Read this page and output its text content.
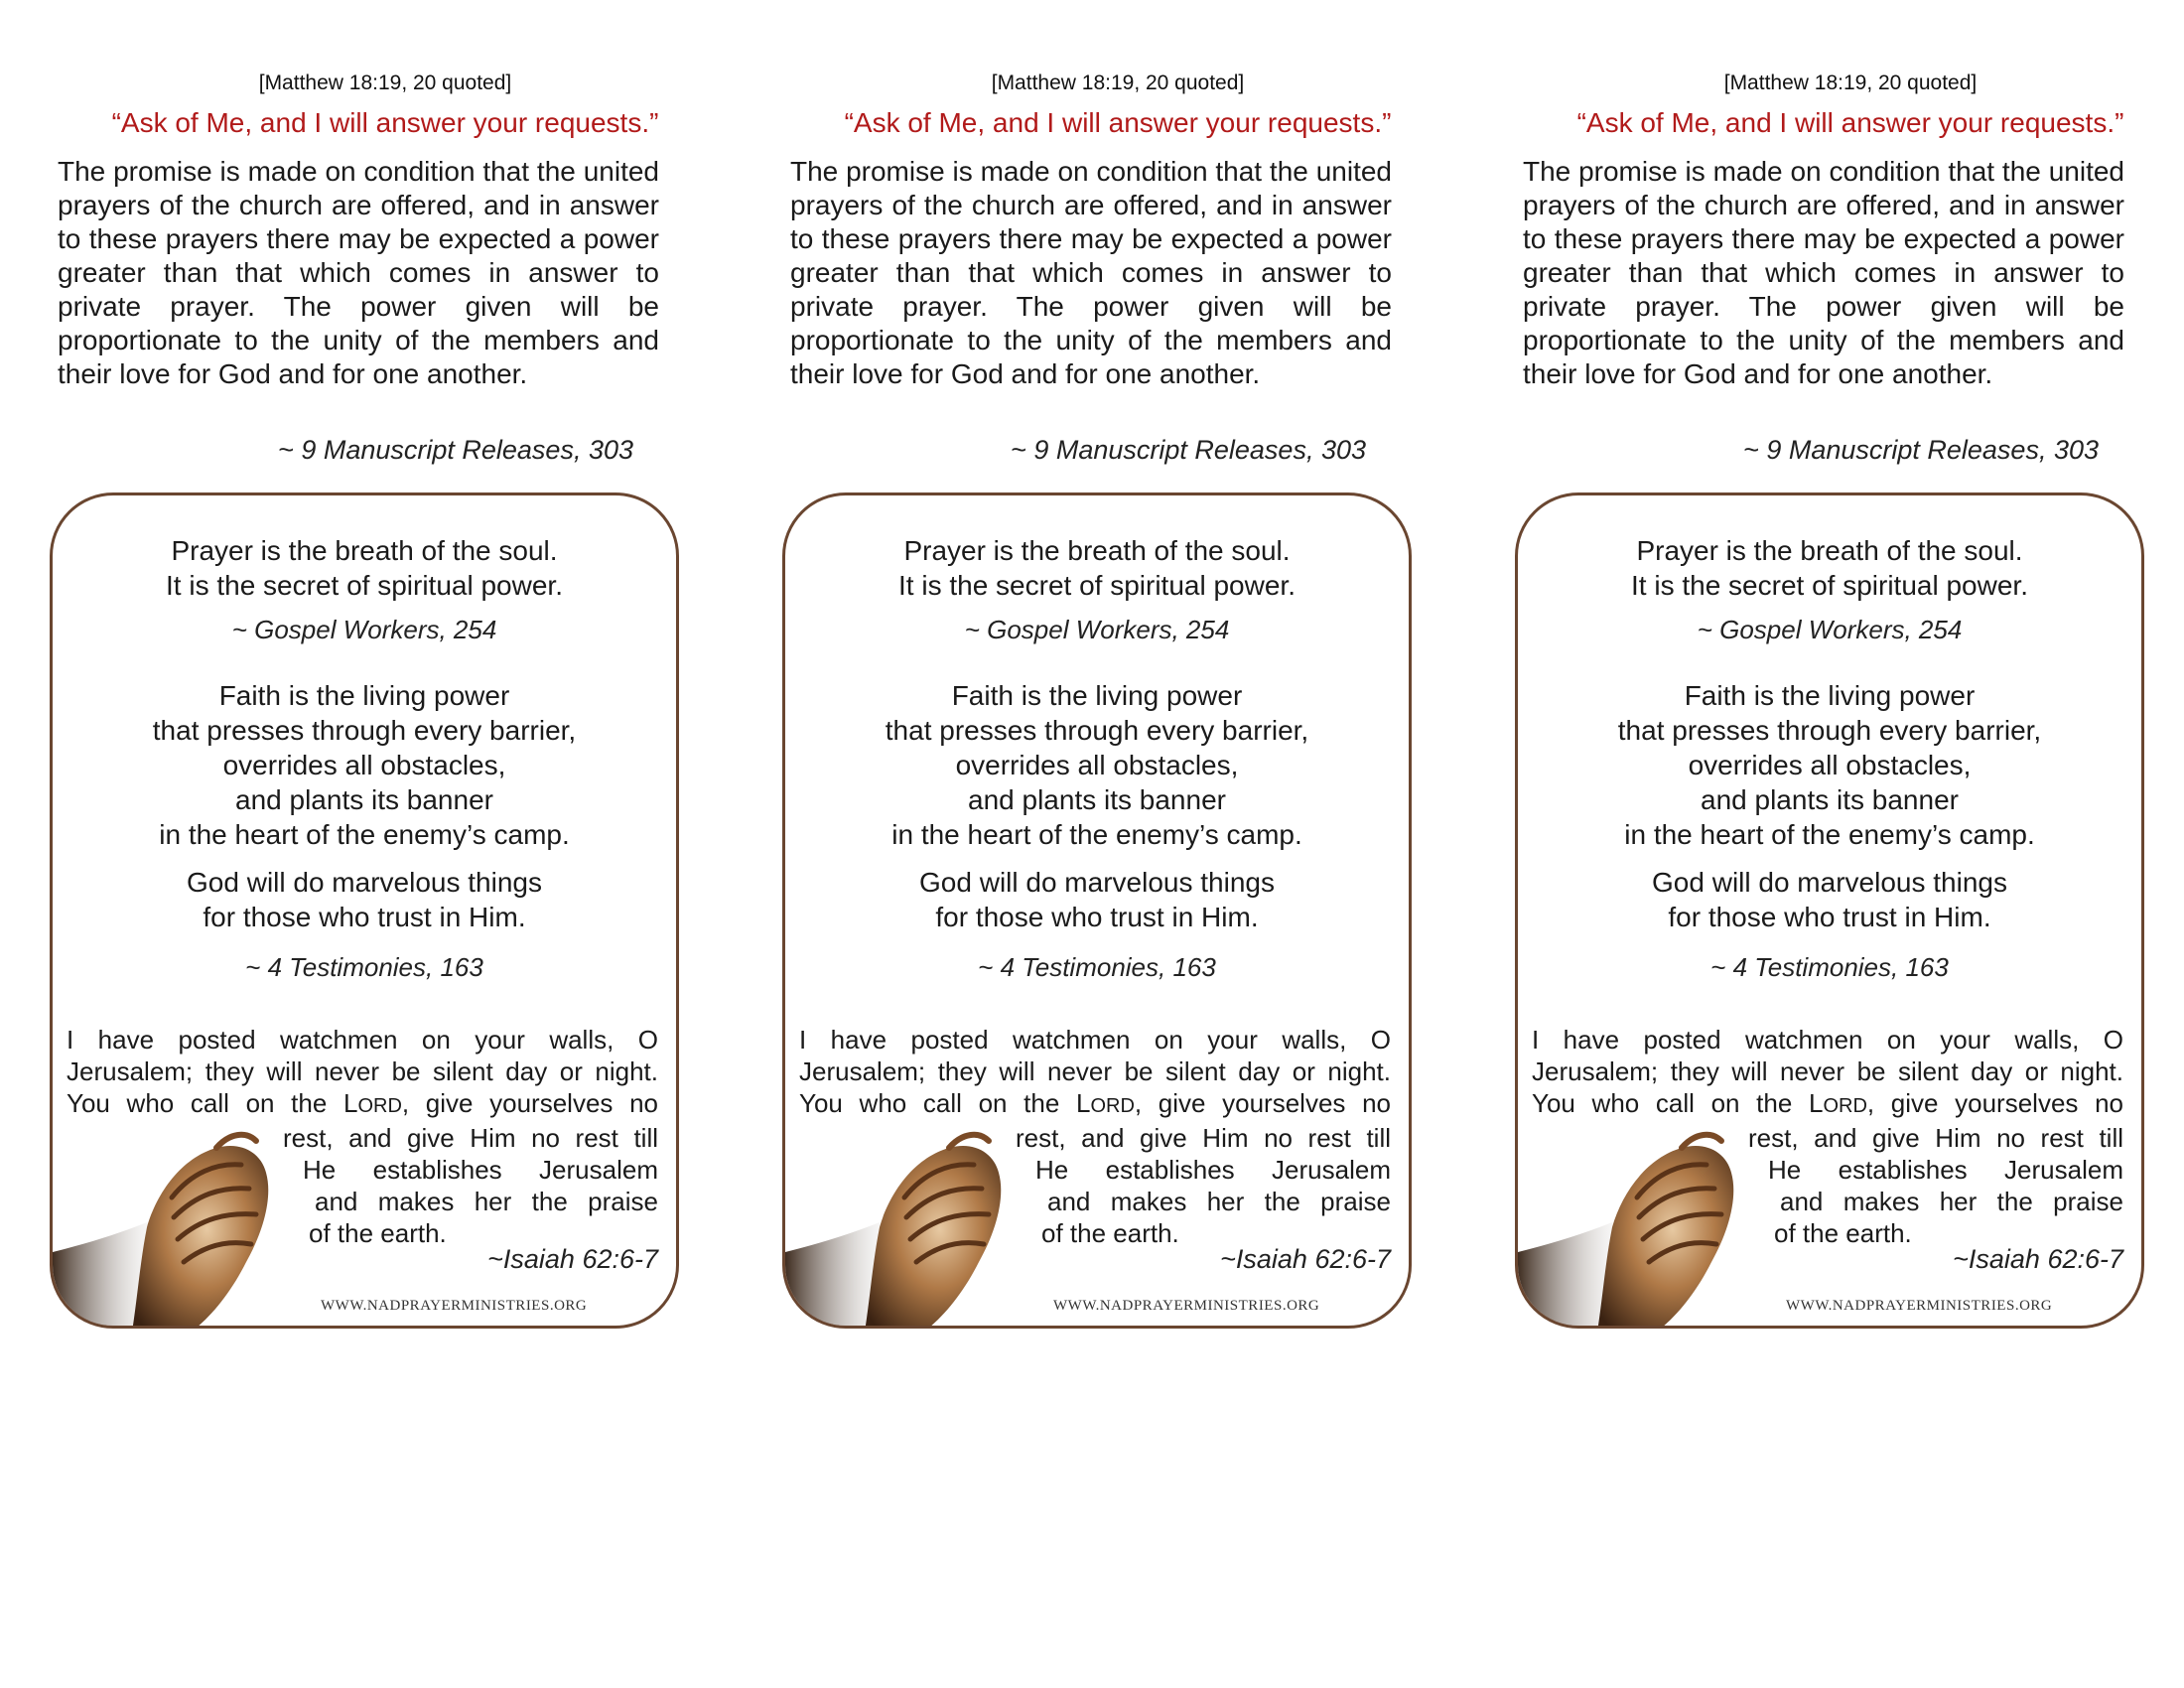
[Matthew 18:19, 20 quoted]
“Ask of Me, and I will answer your requests.”

The promise is made on condition that the united prayers of the church are offered, and in answer to these prayers there may be expected a power greater than that which comes in answer to private prayer. The power given will be proportionate to the unity of the members and their love for God and for one another.

~ 9 Manuscript Releases, 303
Prayer is the breath of the soul.
It is the secret of spiritual power.
~ Gospel Workers, 254
Faith is the living power
that presses through every barrier,
overrides all obstacles,
and plants its banner
in the heart of the enemy’s camp.
God will do marvelous things
for those who trust in Him.
~ 4 Testimonies, 163
I have posted watchmen on your walls, O
Jerusalem; they will never be silent day or night.
You who call on the LORD, give yourselves no
rest, and give Him no rest till
He establishes Jerusalem
and makes her the praise
of the earth.
~Isaiah 62:6-7
WWW.NADPRAYERMINISTRIES.ORG
[Matthew 18:19, 20 quoted]
“Ask of Me, and I will answer your requests.”

The promise is made on condition that the united prayers of the church are offered, and in answer to these prayers there may be expected a power greater than that which comes in answer to private prayer. The power given will be proportionate to the unity of the members and their love for God and for one another.

~ 9 Manuscript Releases, 303
Prayer is the breath of the soul.
It is the secret of spiritual power.
~ Gospel Workers, 254
Faith is the living power
that presses through every barrier,
overrides all obstacles,
and plants its banner
in the heart of the enemy’s camp.
God will do marvelous things
for those who trust in Him.
~ 4 Testimonies, 163
I have posted watchmen on your walls, O
Jerusalem; they will never be silent day or night.
You who call on the LORD, give yourselves no
rest, and give Him no rest till
He establishes Jerusalem
and makes her the praise
of the earth.
~Isaiah 62:6-7
WWW.NADPRAYERMINISTRIES.ORG
[Matthew 18:19, 20 quoted]
“Ask of Me, and I will answer your requests.”

The promise is made on condition that the united prayers of the church are offered, and in answer to these prayers there may be expected a power greater than that which comes in answer to private prayer. The power given will be proportionate to the unity of the members and their love for God and for one another.

~ 9 Manuscript Releases, 303
Prayer is the breath of the soul.
It is the secret of spiritual power.
~ Gospel Workers, 254
Faith is the living power
that presses through every barrier,
overrides all obstacles,
and plants its banner
in the heart of the enemy’s camp.
God will do marvelous things
for those who trust in Him.
~ 4 Testimonies, 163
I have posted watchmen on your walls, O
Jerusalem; they will never be silent day or night.
You who call on the LORD, give yourselves no
rest, and give Him no rest till
He establishes Jerusalem
and makes her the praise
of the earth.
~Isaiah 62:6-7
WWW.NADPRAYERMINISTRIES.ORG
